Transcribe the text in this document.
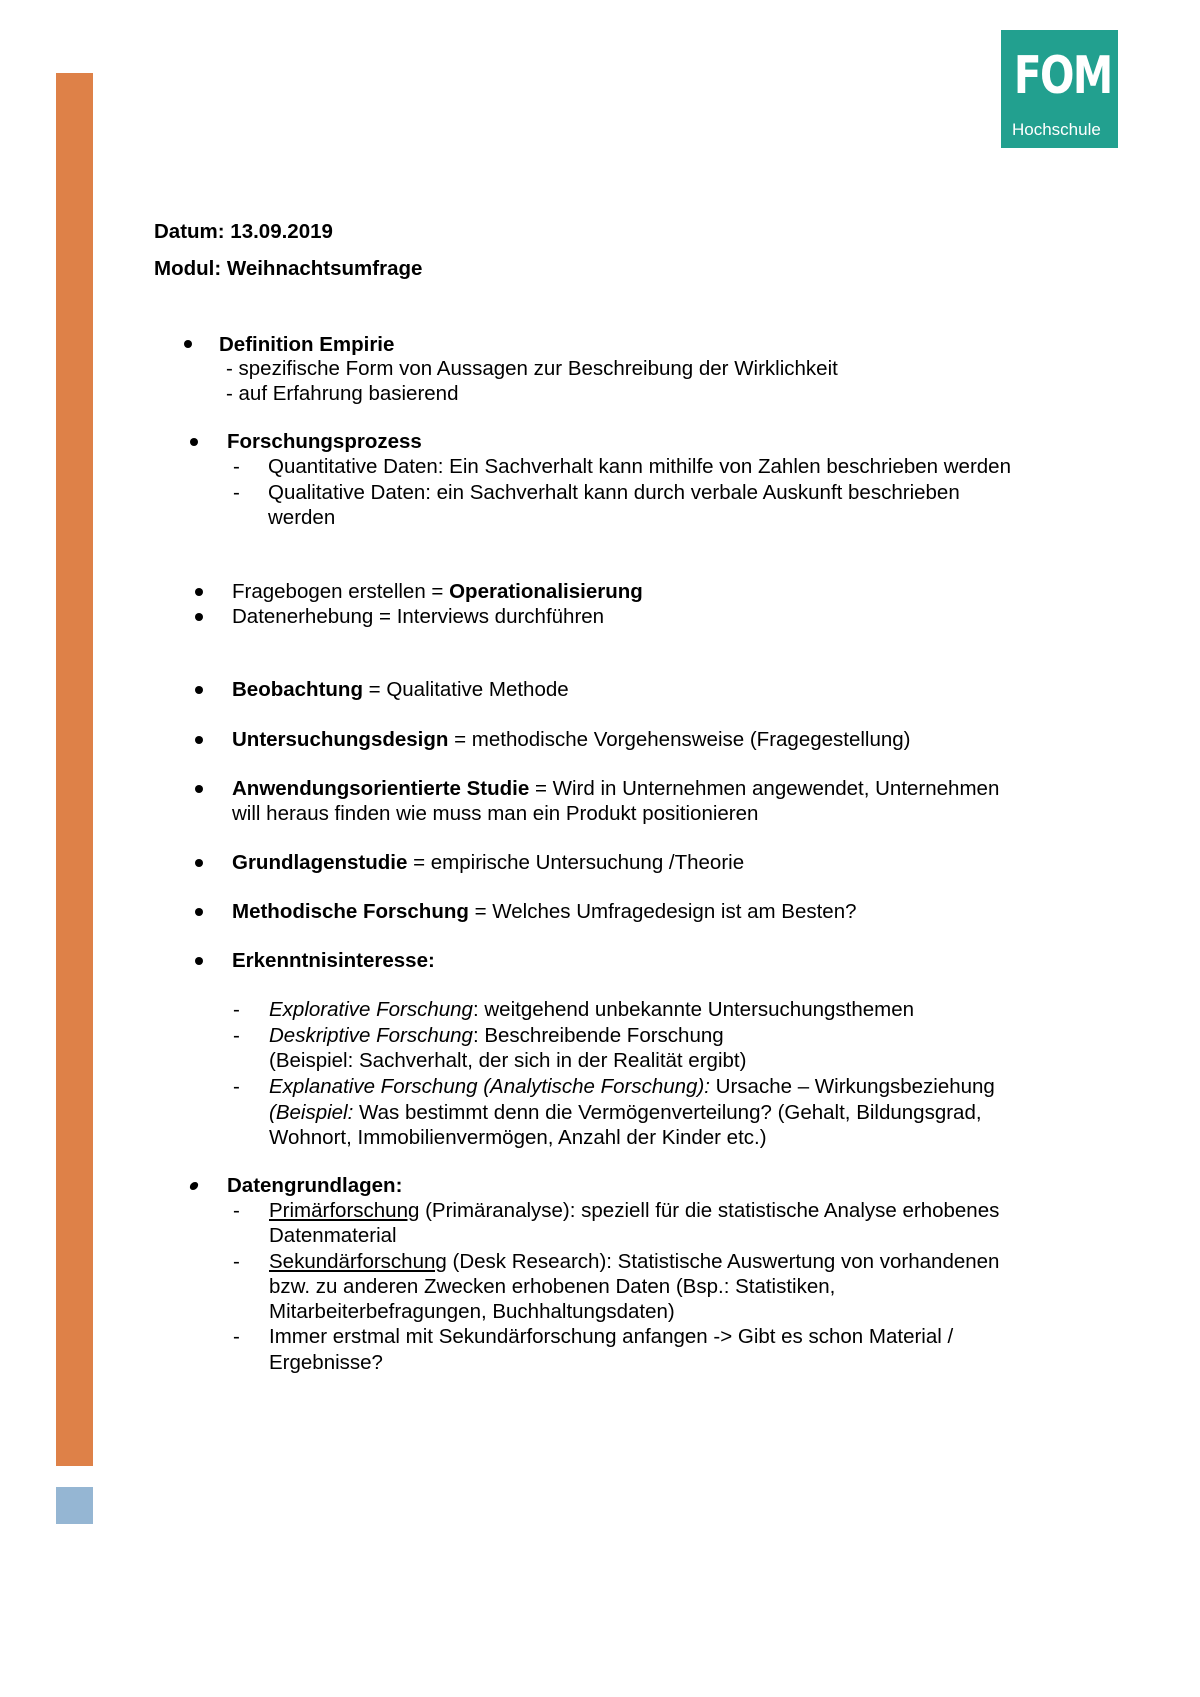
FOM
Hochschule
Datum: 13.09.2019
Modul: Weihnachtsumfrage
Definition Empirie
- spezifische Form von Aussagen zur Beschreibung der Wirklichkeit
- auf Erfahrung basierend
Forschungsprozess
- Quantitative Daten: Ein Sachverhalt kann mithilfe von Zahlen beschrieben werden
- Qualitative Daten: ein Sachverhalt kann durch verbale Auskunft beschrieben
werden
Fragebogen erstellen = Operationalisierung
Datenerhebung = Interviews durchführen
Beobachtung = Qualitative Methode
Untersuchungsdesign = methodische Vorgehensweise (Fragegestellung)
Anwendungsorientierte Studie = Wird in Unternehmen angewendet, Unternehmen
will heraus finden wie muss man ein Produkt positionieren
Grundlagenstudie = empirische Untersuchung /Theorie
Methodische Forschung = Welches Umfragedesign ist am Besten?
Erkenntnisinteresse:
- Explorative Forschung: weitgehend unbekannte Untersuchungsthemen
- Deskriptive Forschung: Beschreibende Forschung
(Beispiel: Sachverhalt, der sich in der Realität ergibt)
- Explanative Forschung (Analytische Forschung): Ursache – Wirkungsbeziehung
(Beispiel: Was bestimmt denn die Vermögenverteilung? (Gehalt, Bildungsgrad,
Wohnort, Immobilienvermögen, Anzahl der Kinder etc.)
Datengrundlagen:
- Primärforschung (Primäranalyse): speziell für die statistische Analyse erhobenes
Datenmaterial
- Sekundärforschung (Desk Research): Statistische Auswertung von vorhandenen
bzw. zu anderen Zwecken erhobenen Daten (Bsp.: Statistiken,
Mitarbeiterbefragungen, Buchhaltungsdaten)
- Immer erstmal mit Sekundärforschung anfangen -> Gibt es schon Material /
Ergebnisse?
